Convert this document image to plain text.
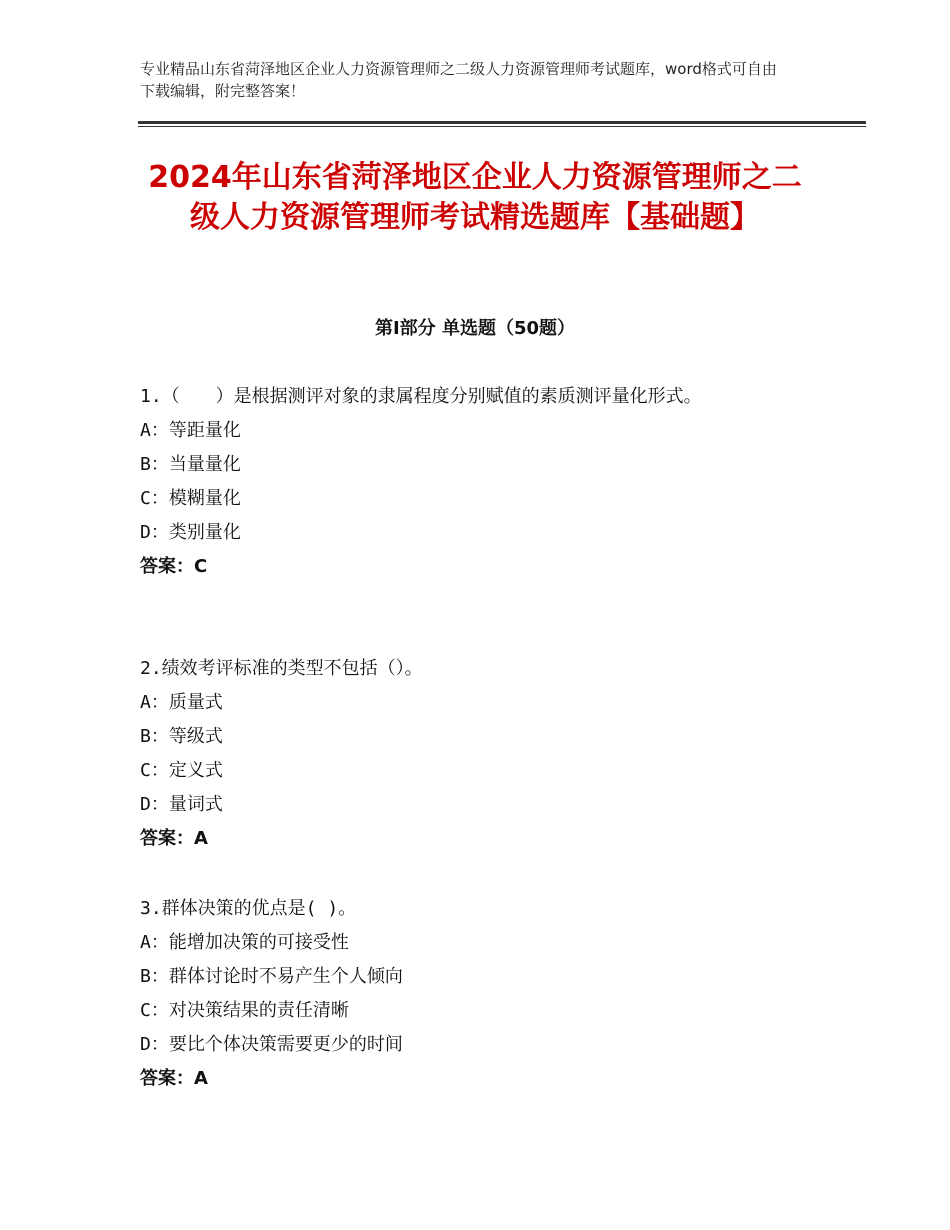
专业精品山东省菏泽地区企业人力资源管理师之二级人力资源管理师考试题库，word格式可自由下载编辑，附完整答案！
2024年山东省菏泽地区企业人力资源管理师之二级人力资源管理师考试精选题库【基础题】
第Ⅰ部分 单选题（50题）

1.（　　）是根据测评对象的隶属程度分别赋值的素质测评量化形式。

A：等距量化

B：当量量化

C：模糊量化

D：类别量化

答案：C

2.绩效考评标准的类型不包括（）。

A：质量式

B：等级式

C：定义式

D：量词式

答案：A

3.群体决策的优点是( )。

A：能增加决策的可接受性

B：群体讨论时不易产生个人倾向

C：对决策结果的责任清晰

D：要比个体决策需要更少的时间

答案：A
